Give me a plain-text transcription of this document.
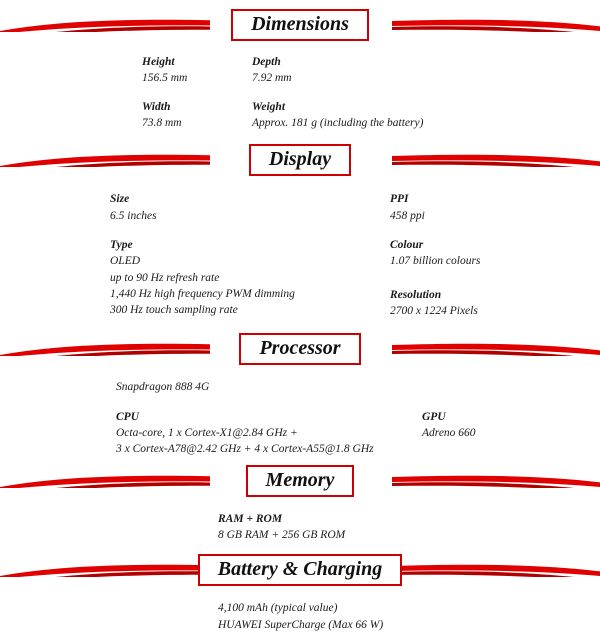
Dimensions
Height
156.5 mm
Depth
7.92 mm
Width
73.8 mm
Weight
Approx. 181 g (including the battery)
Display
Size
6.5 inches
PPI
458 ppi
Type
OLED
up to 90 Hz refresh rate
1,440 Hz high frequency PWM dimming
300 Hz touch sampling rate
Colour
1.07 billion colours
Resolution
2700 x 1224 Pixels
Processor
Snapdragon 888 4G
CPU
Octa-core, 1 x Cortex-X1@2.84 GHz +
3 x Cortex-A78@2.42 GHz + 4 x Cortex-A55@1.8 GHz
GPU
Adreno 660
Memory
RAM + ROM
8 GB RAM + 256 GB ROM
Battery & Charging
4,100 mAh (typical value)
HUAWEI SuperCharge (Max 66 W)
